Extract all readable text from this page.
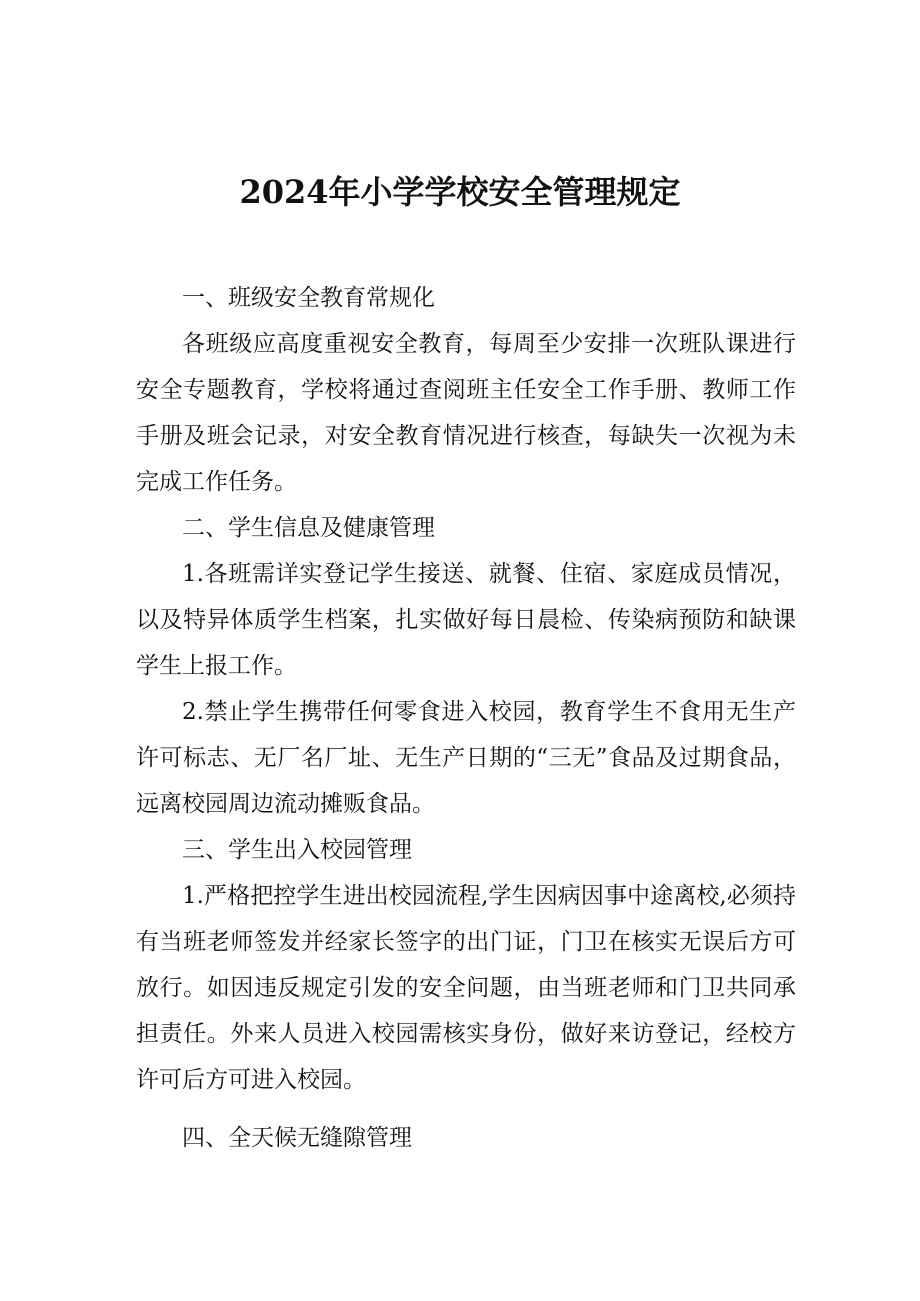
2024年小学学校安全管理规定

一、班级安全教育常规化

各班级应高度重视安全教育，每周至少安排一次班队课进行安全专题教育，学校将通过查阅班主任安全工作手册、教师工作手册及班会记录，对安全教育情况进行核查，每缺失一次视为未完成工作任务。

二、学生信息及健康管理

1.各班需详实登记学生接送、就餐、住宿、家庭成员情况，以及特异体质学生档案，扎实做好每日晨检、传染病预防和缺课学生上报工作。

2.禁止学生携带任何零食进入校园，教育学生不食用无生产许可标志、无厂名厂址、无生产日期的“三无”食品及过期食品，远离校园周边流动摊贩食品。

三、学生出入校园管理

1.严格把控学生进出校园流程,学生因病因事中途离校,必须持有当班老师签发并经家长签字的出门证，门卫在核实无误后方可放行。如因违反规定引发的安全问题，由当班老师和门卫共同承担责任。外来人员进入校园需核实身份，做好来访登记，经校方许可后方可进入校园。

四、全天候无缝隙管理
